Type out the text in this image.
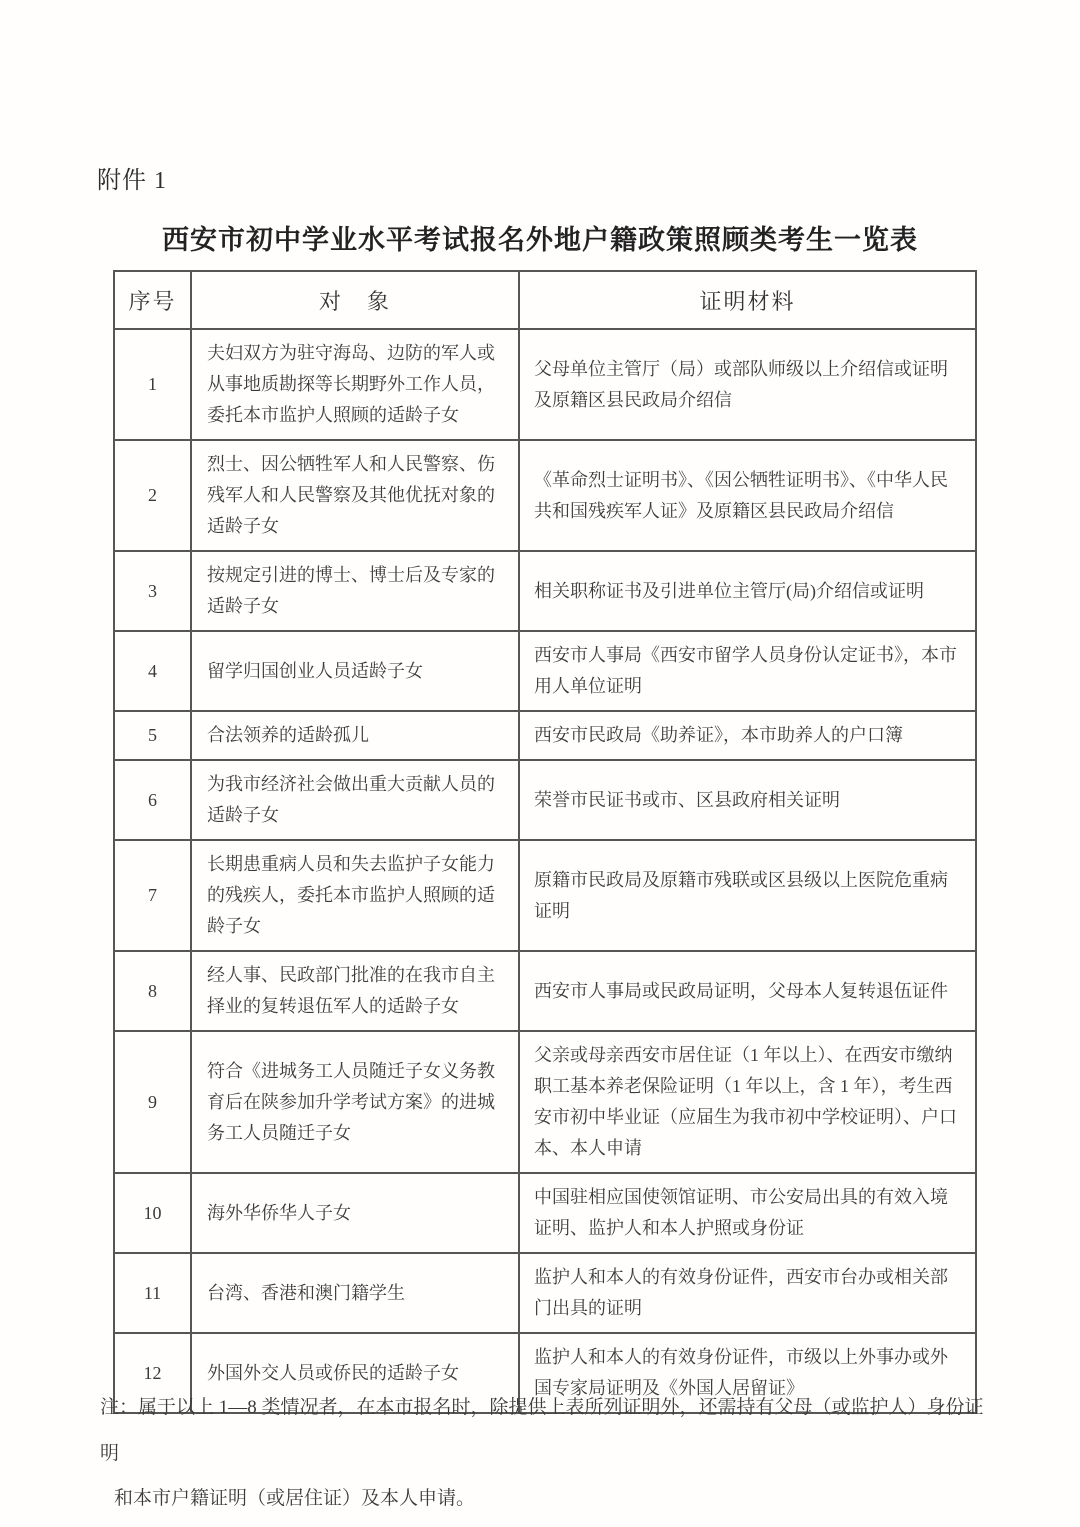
附件 1
西安市初中学业水平考试报名外地户籍政策照顾类考生一览表
序号	对　象	证明材料
1	夫妇双方为驻守海岛、边防的军人或从事地质勘探等长期野外工作人员，委托本市监护人照顾的适龄子女	父母单位主管厅（局）或部队师级以上介绍信或证明及原籍区县民政局介绍信
2	烈士、因公牺牲军人和人民警察、伤残军人和人民警察及其他优抚对象的适龄子女	《革命烈士证明书》、《因公牺牲证明书》、《中华人民共和国残疾军人证》及原籍区县民政局介绍信
3	按规定引进的博士、博士后及专家的适龄子女	相关职称证书及引进单位主管厅(局)介绍信或证明
4	留学归国创业人员适龄子女	西安市人事局《西安市留学人员身份认定证书》，本市用人单位证明
5	合法领养的适龄孤儿	西安市民政局《助养证》，本市助养人的户口簿
6	为我市经济社会做出重大贡献人员的适龄子女	荣誉市民证书或市、区县政府相关证明
7	长期患重病人员和失去监护子女能力的残疾人，委托本市监护人照顾的适龄子女	原籍市民政局及原籍市残联或区县级以上医院危重病证明
8	经人事、民政部门批准的在我市自主择业的复转退伍军人的适龄子女	西安市人事局或民政局证明，父母本人复转退伍证件
9	符合《进城务工人员随迁子女义务教育后在陕参加升学考试方案》的进城务工人员随迁子女	父亲或母亲西安市居住证（1 年以上）、在西安市缴纳职工基本养老保险证明（1 年以上，含 1 年），考生西安市初中毕业证（应届生为我市初中学校证明）、户口本、本人申请
10	海外华侨华人子女	中国驻相应国使领馆证明、市公安局出具的有效入境证明、监护人和本人护照或身份证
11	台湾、香港和澳门籍学生	监护人和本人的有效身份证件，西安市台办或相关部门出具的证明
12	外国外交人员或侨民的适龄子女	监护人和本人的有效身份证件，市级以上外事办或外国专家局证明及《外国人居留证》
注：属于以上 1—8 类情况者，在本市报名时，除提供上表所列证明外，还需持有父母（或监护人）身份证明
和本市户籍证明（或居住证）及本人申请。
